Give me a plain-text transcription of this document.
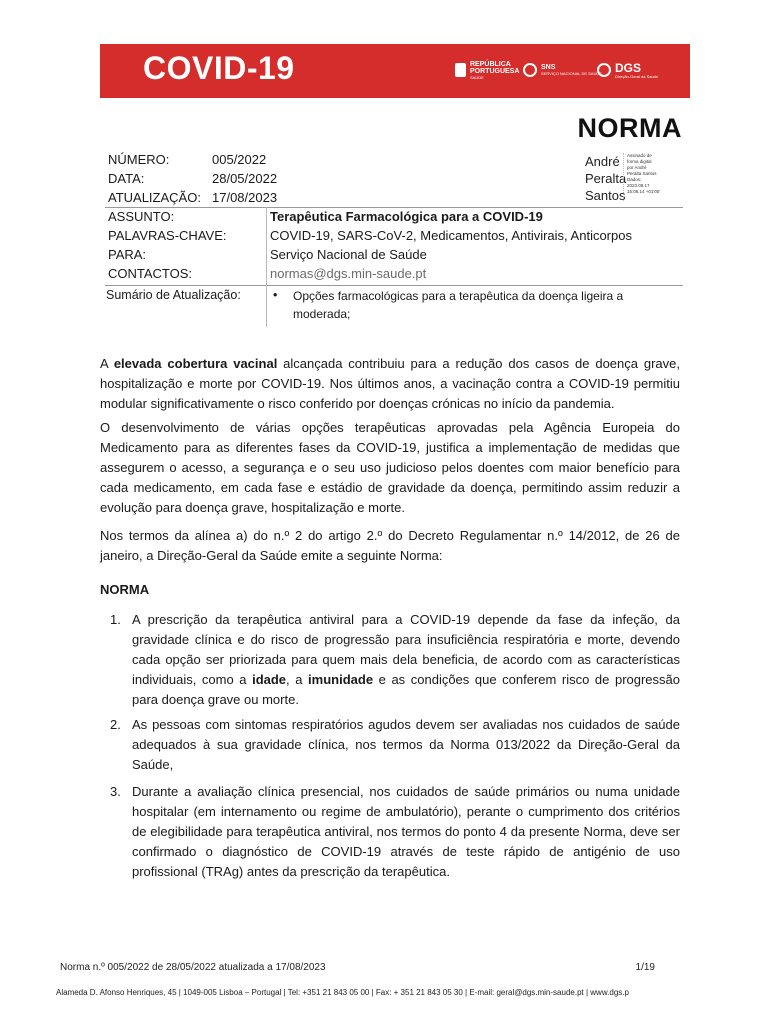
COVID-19	REPÚBLICA
PORTUGUESA
SAÚDE
SNS
SERVIÇO NACIONAL DE SAÚDE DGS
Direção-Geral da Saúde
NORMA
NÚMERO:	005/2022
DATA:	28/05/2022
ATUALIZAÇÃO: 17/08/2023
André
Peralta
Santos
Assinado de
forma digital
por André
Peralta Santos
Dados:
2023.08.17
15:06:14 +01'00'
ASSUNTO:	Terapêutica Farmacológica para a COVID-19
PALAVRAS-CHAVE:	COVID-19, SARS-CoV-2, Medicamentos, Antivirais, Anticorpos
PARA:	Serviço Nacional de Saúde
CONTACTOS:	normas@dgs.min-saude.pt
Sumário de Atualização:	•	Opções farmacológicas para a terapêutica da doença ligeira a moderada;

A elevada cobertura vacinal alcançada contribuiu para a redução dos casos de doença grave, hospitalização e morte por COVID-19. Nos últimos anos, a vacinação contra a COVID-19 permitiu modular significativamente o risco conferido por doenças crónicas no início da pandemia.

O desenvolvimento de várias opções terapêuticas aprovadas pela Agência Europeia do Medicamento para as diferentes fases da COVID-19, justifica a implementação de medidas que assegurem o acesso, a segurança e o seu uso judicioso pelos doentes com maior benefício para cada medicamento, em cada fase e estádio de gravidade da doença, permitindo assim reduzir a evolução para doença grave, hospitalização e morte.

Nos termos da alínea a) do n.º 2 do artigo 2.º do Decreto Regulamentar n.º 14/2012, de 26 de janeiro, a Direção-Geral da Saúde emite a seguinte Norma:

NORMA
1. A prescrição da terapêutica antiviral para a COVID-19 depende da fase da infeção, da gravidade clínica e do risco de progressão para insuficiência respiratória e morte, devendo cada opção ser priorizada para quem mais dela beneficia, de acordo com as características individuais, como a idade, a imunidade e as condições que conferem risco de progressão para doença grave ou morte.
2. As pessoas com sintomas respiratórios agudos devem ser avaliadas nos cuidados de saúde adequados à sua gravidade clínica, nos termos da Norma 013/2022 da Direção-Geral da Saúde,
3. Durante a avaliação clínica presencial, nos cuidados de saúde primários ou numa unidade hospitalar (em internamento ou regime de ambulatório), perante o cumprimento dos critérios de elegibilidade para terapêutica antiviral, nos termos do ponto 4 da presente Norma, deve ser confirmado o diagnóstico de COVID-19 através de teste rápido de antigénio de uso profissional (TRAg) antes da prescrição da terapêutica.
Norma n.º 005/2022 de 28/05/2022 atualizada a 17/08/2023	1/19
Alameda D. Afonso Henriques, 45 | 1049-005 Lisboa – Portugal | Tel: +351 21 843 05 00 | Fax: + 351 21 843 05 30 | E-mail: geral@dgs.min-saude.pt | www.dgs.p
